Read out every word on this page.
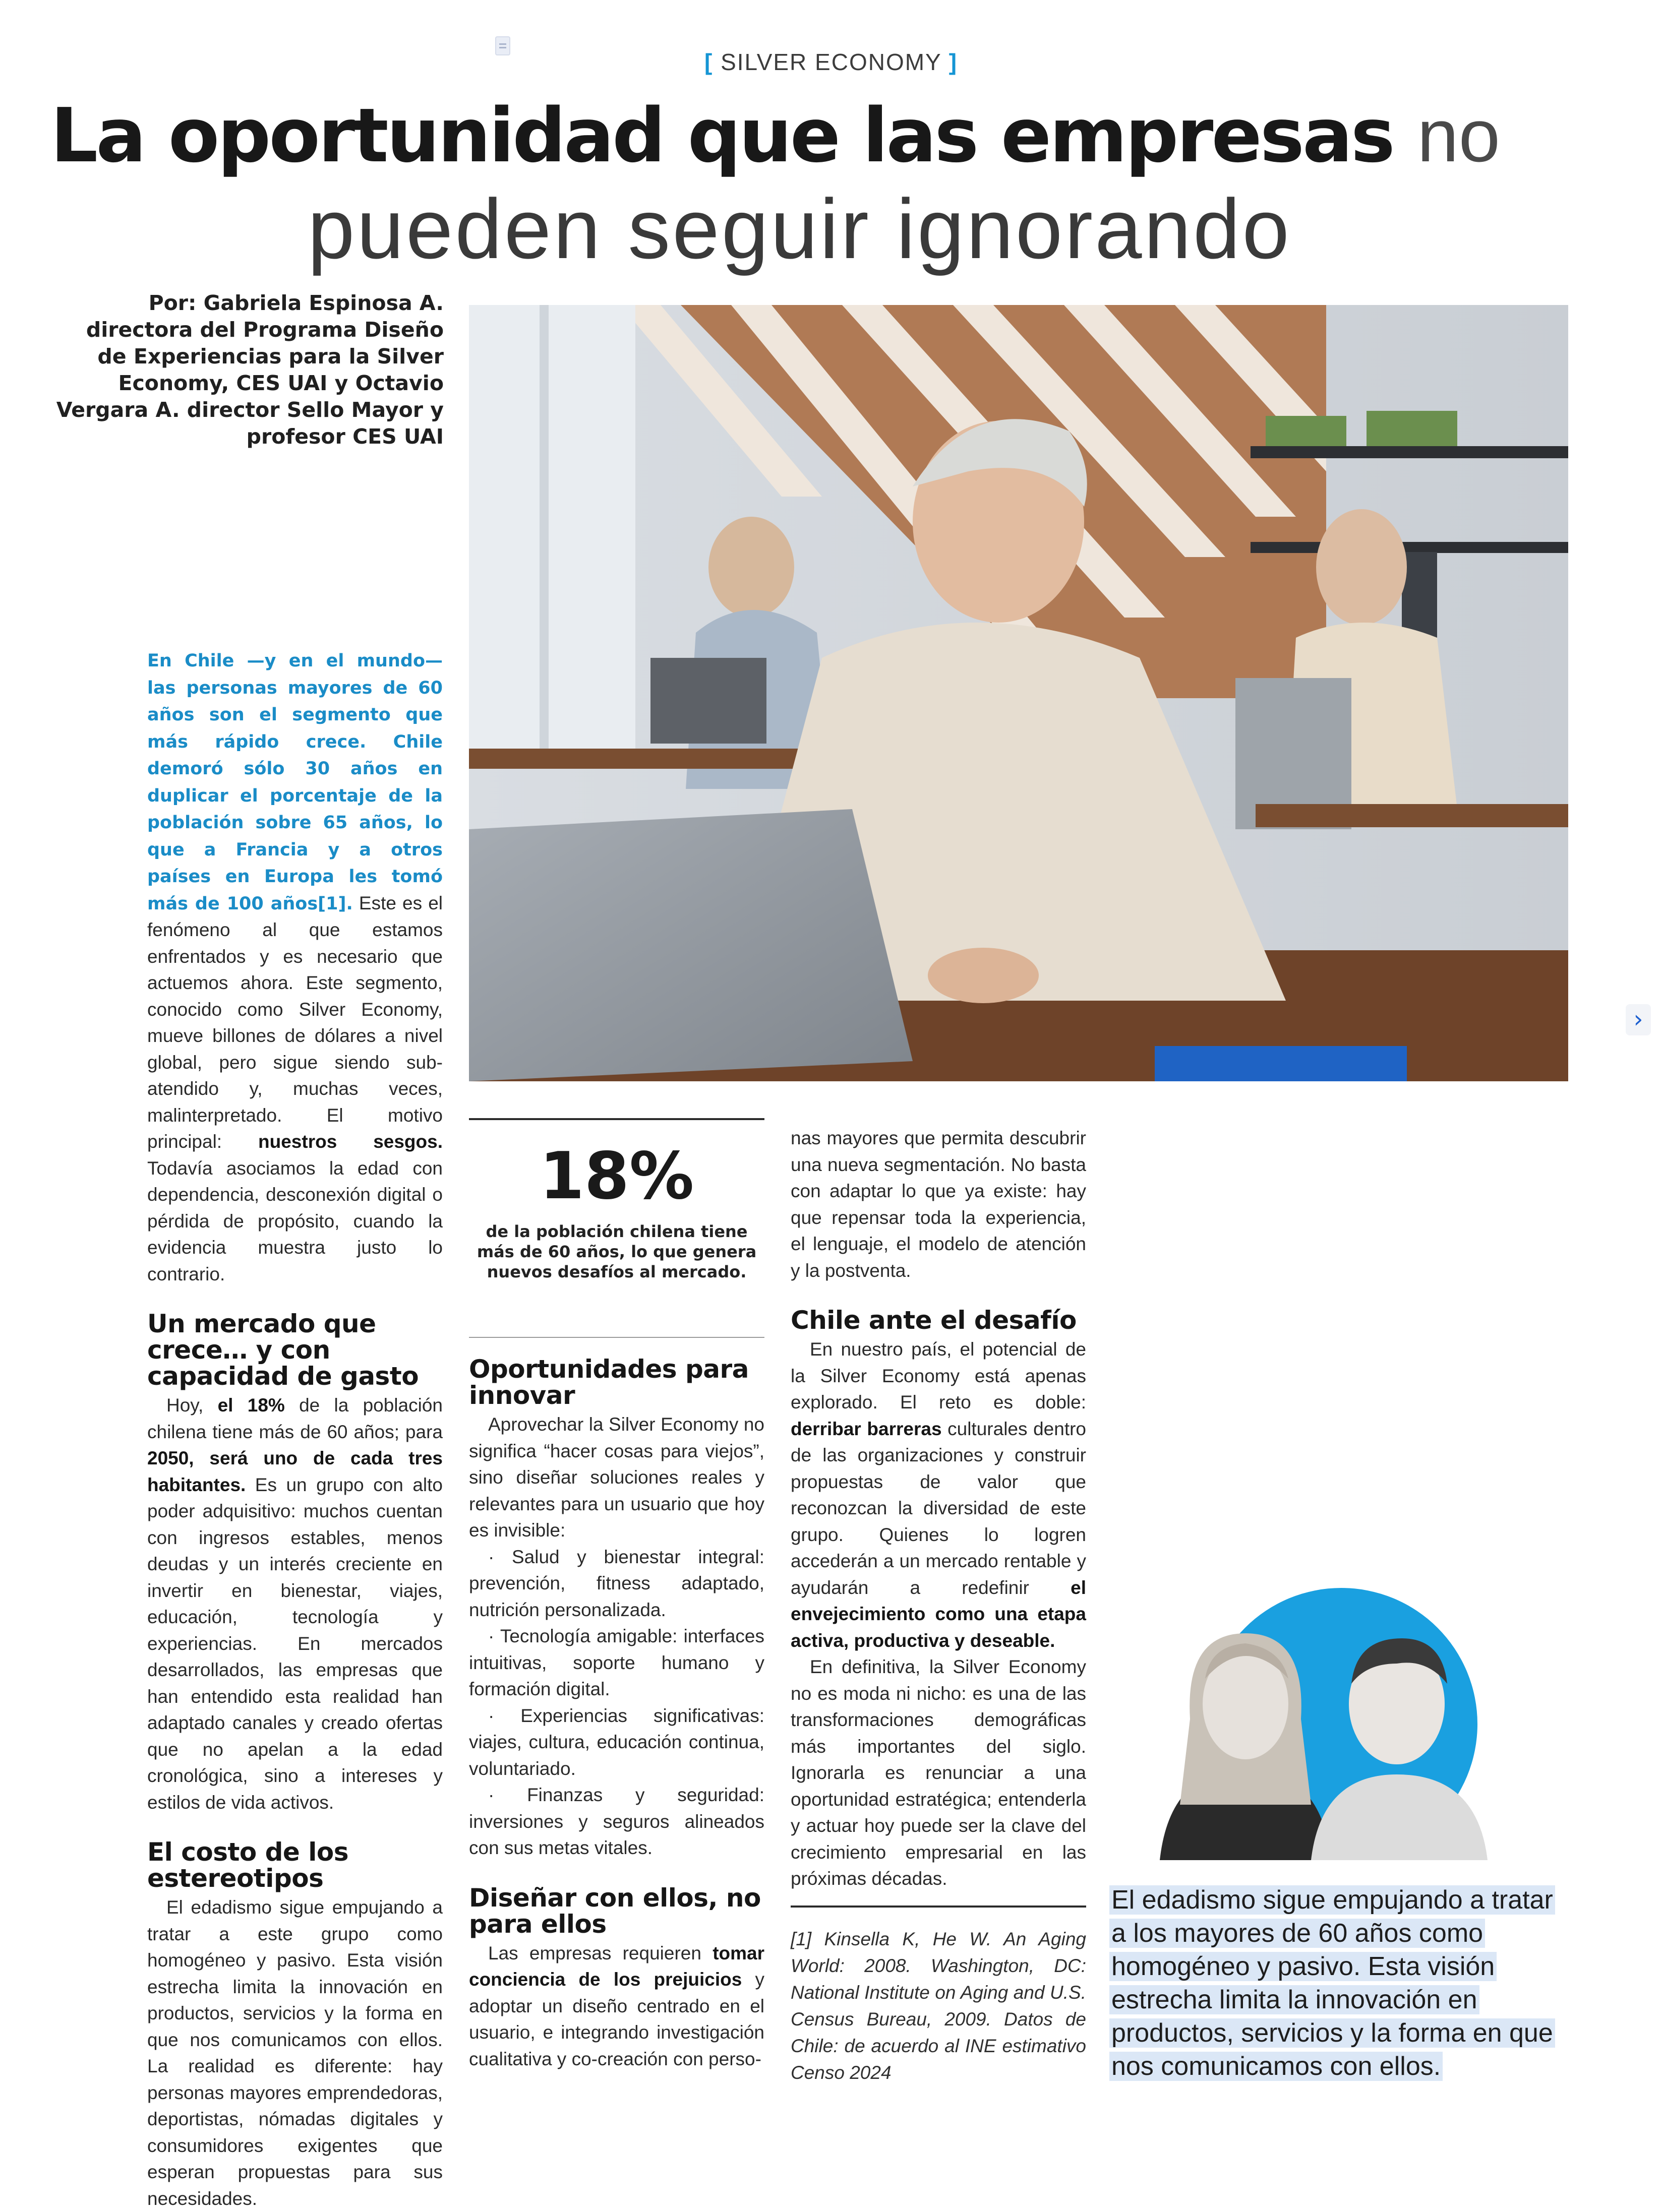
[ SILVER ECONOMY ]
La oportunidad que las empresas no
pueden seguir ignorando
Por: Gabriela Espinosa A. directora del Programa Diseño de Experiencias para la Silver Economy, CES UAI y Octavio Vergara A. director Sello Mayor y profesor CES UAI
›

En Chile —y en el mundo— las personas mayores de 60 años son el segmento que más rápido crece. Chile demoró sólo 30 años en duplicar el porcentaje de la población sobre 65 años, lo que a Francia y a otros países en Europa les tomó más de 100 años[1]. Este es el fenómeno al que estamos enfrentados y es necesario que actuemos ahora. Este segmento, conocido como Silver Economy, mueve billones de dólares a nivel global, pero sigue siendo sub-atendido y, muchas veces, malinterpretado. El motivo principal: nuestros sesgos. Todavía asociamos la edad con dependencia, desconexión digital o pérdida de propósito, cuando la evidencia muestra justo lo contrario.

Un mercado que crece… y con capacidad de gasto

Hoy, el 18% de la población chilena tiene más de 60 años; para 2050, será uno de cada tres habitantes. Es un grupo con alto poder adquisitivo: muchos cuentan con ingresos estables, menos deudas y un interés creciente en invertir en bienestar, viajes, educación, tecnología y experiencias. En mercados desarrollados, las empresas que han entendido esta realidad han adaptado canales y creado ofertas que no apelan a la edad cronológica, sino a intereses y estilos de vida activos.

El costo de los estereotipos

El edadismo sigue empujando a tratar a este grupo como homogéneo y pasivo. Esta visión estrecha limita la innovación en productos, servicios y la forma en que nos comunicamos con ellos. La realidad es diferente: hay personas mayores emprendedoras, deportistas, nómadas digitales y consumidores exigentes que esperan propuestas para sus necesidades.

18%
de la población chilena tiene más de 60 años, lo que genera nuevos desafíos al mercado.
Oportunidades para innovar

Aprovechar la Silver Economy no significa “hacer cosas para viejos”, sino diseñar soluciones reales y relevantes para un usuario que hoy es invisible:

· Salud y bienestar integral: prevención, fitness adaptado, nutrición personalizada.

· Tecnología amigable: interfaces intuitivas, soporte humano y formación digital.

· Experiencias significativas: viajes, cultura, educación continua, voluntariado.

· Finanzas y seguridad: inversiones y seguros alineados con sus metas vitales.

Diseñar con ellos, no para ellos

Las empresas requieren tomar conciencia de los prejuicios y adoptar un diseño centrado en el usuario, e integrando investigación cualitativa y co-creación con perso-

nas mayores que permita descubrir una nueva segmentación. No basta con adaptar lo que ya existe: hay que repensar toda la experiencia, el lenguaje, el modelo de atención y la postventa.

Chile ante el desafío

En nuestro país, el potencial de la Silver Economy está apenas explorado. El reto es doble: derribar barreras culturales dentro de las organizaciones y construir propuestas de valor que reconozcan la diversidad de este grupo. Quienes lo logren accederán a un mercado rentable y ayudarán a redefinir el envejecimiento como una etapa activa, productiva y deseable.

En definitiva, la Silver Economy no es moda ni nicho: es una de las transformaciones demográficas más importantes del siglo. Ignorarla es renunciar a una oportunidad estratégica; entenderla y actuar hoy puede ser la clave del crecimiento empresarial en las próximas décadas.

[1] Kinsella K, He W. An Aging World: 2008. Washington, DC: National Institute on Aging and U.S. Census Bureau, 2009. Datos de Chile: de acuerdo al INE estimativo Censo 2024
El edadismo sigue empujando a tratar a los mayores de 60 años como homogéneo y pasivo. Esta visión estrecha limita la innovación en productos, servicios y la forma en que nos comunicamos con ellos.
